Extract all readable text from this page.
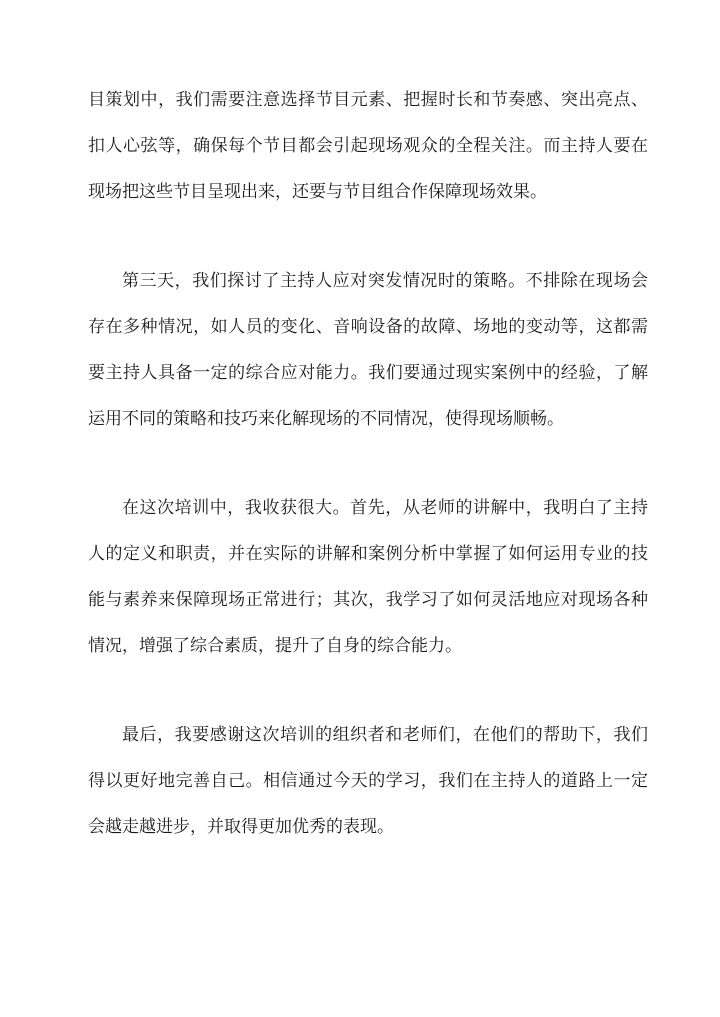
目策划中，我们需要注意选择节目元素、把握时长和节奏感、突出亮点、
扣人心弦等，确保每个节目都会引起现场观众的全程关注。而主持人要在
现场把这些节目呈现出来，还要与节目组合作保障现场效果。
第三天，我们探讨了主持人应对突发情况时的策略。不排除在现场会
存在多种情况，如人员的变化、音响设备的故障、场地的变动等，这都需
要主持人具备一定的综合应对能力。我们要通过现实案例中的经验，了解
运用不同的策略和技巧来化解现场的不同情况，使得现场顺畅。
在这次培训中，我收获很大。首先，从老师的讲解中，我明白了主持
人的定义和职责，并在实际的讲解和案例分析中掌握了如何运用专业的技
能与素养来保障现场正常进行；其次，我学习了如何灵活地应对现场各种
情况，增强了综合素质，提升了自身的综合能力。
最后，我要感谢这次培训的组织者和老师们，在他们的帮助下，我们
得以更好地完善自己。相信通过今天的学习，我们在主持人的道路上一定
会越走越进步，并取得更加优秀的表现。
